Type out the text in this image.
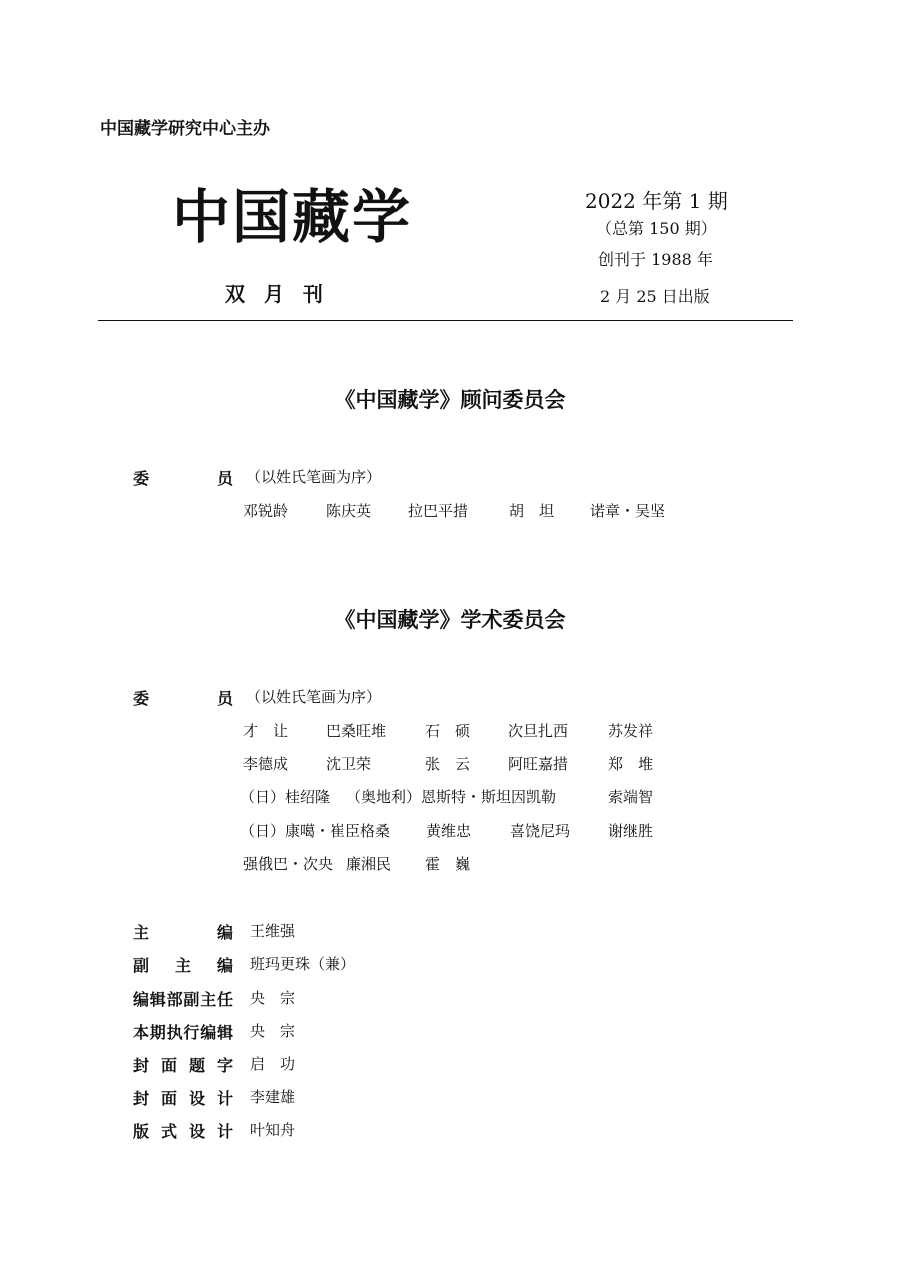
中国藏学研究中心主办
中国藏学
双 月 刊
2022 年第 1 期
（总第 150 期）
创刊于 1988 年
2 月 25 日出版
《中国藏学》顾问委员会
委	员 （以姓氏笔画为序）
邓锐龄	陈庆英 拉巴平措	胡　坦 诺章・吴坚
《中国藏学》学术委员会
委	员 （以姓氏笔画为序）
才　让	巴桑旺堆	石　硕	次旦扎西	苏发祥
李德成	沈卫荣	张　云	阿旺嘉措	郑　堆
（日）桂绍隆 （奥地利）恩斯特・斯坦因凯勒	索端智
（日）康噶・崔臣格桑 黄维忠	喜饶尼玛	谢继胜
强俄巴・次央 廉湘民 霍　巍
主编 王维强
副主编 班玛更珠（兼）
编辑部副主任 央　宗
本期执行编辑 央　宗
封面题字 启　功
封面设计 李建雄
版式设计 叶知舟
